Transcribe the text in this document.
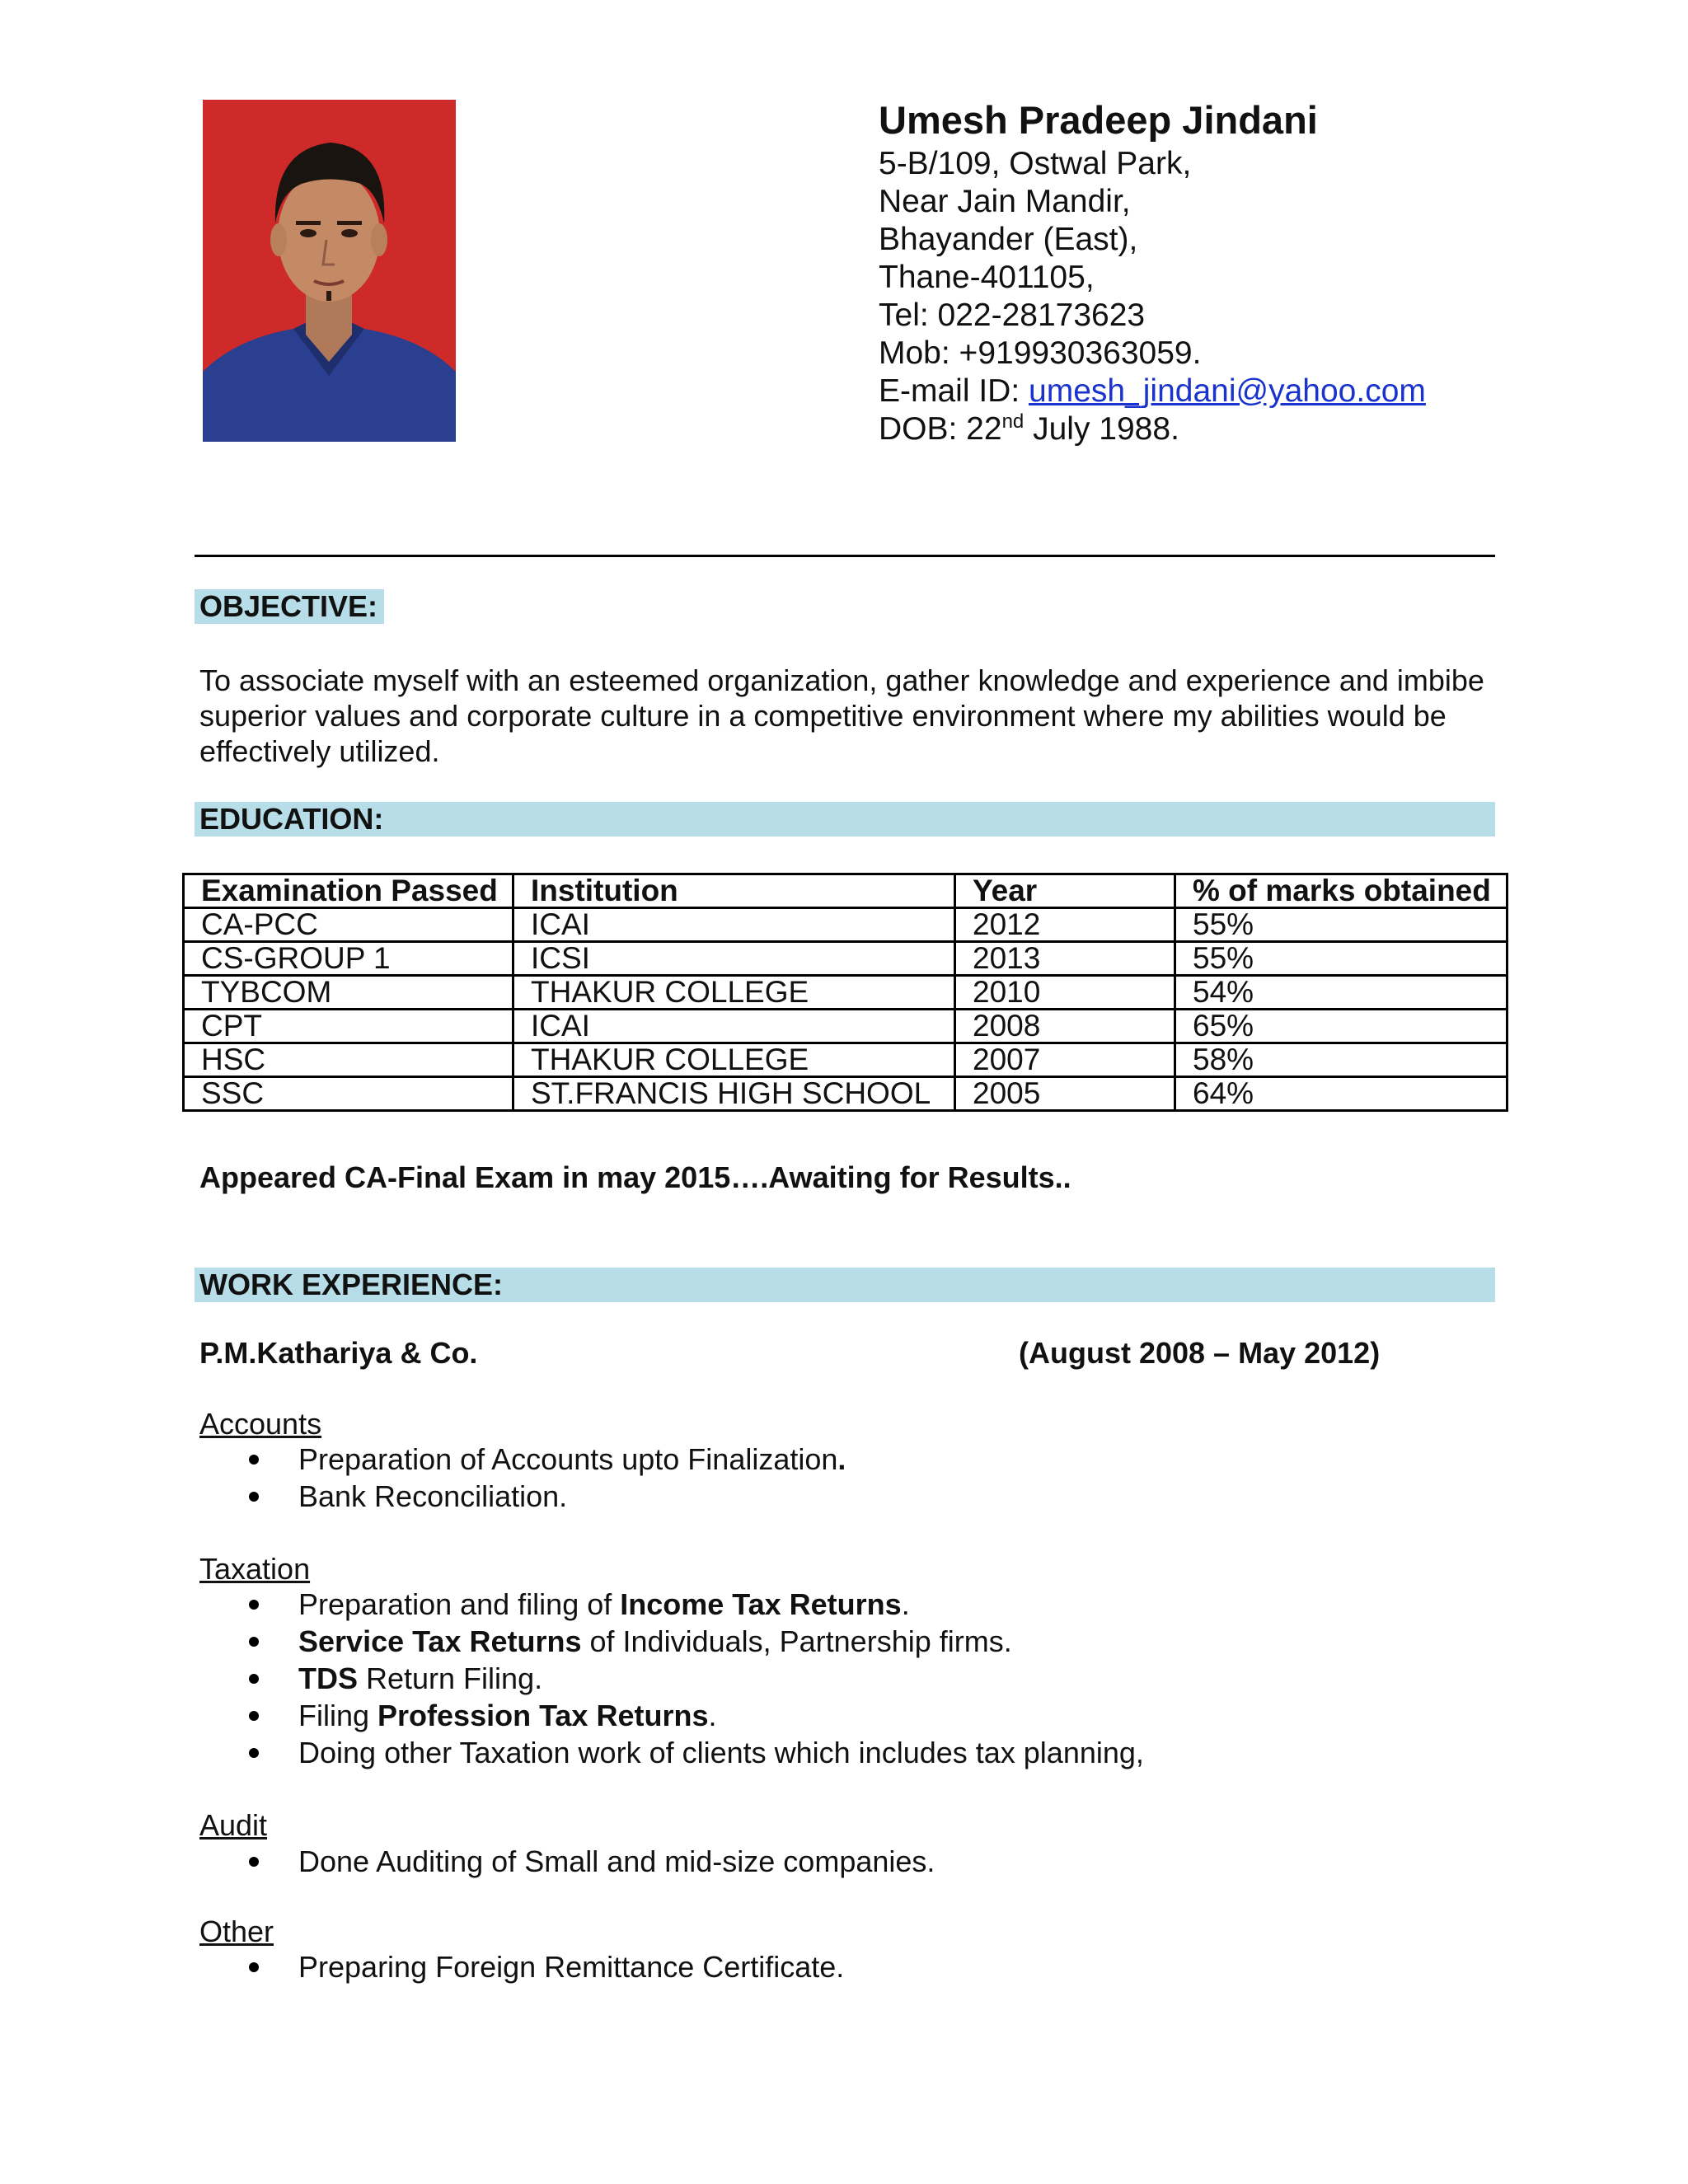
Umesh Pradeep Jindani
5-B/109, Ostwal Park,
Near Jain Mandir,
Bhayander (East),
Thane-401105,
Tel: 022-28173623
Mob: +919930363059.
E-mail ID: umesh_jindani@yahoo.com
DOB: 22nd July 1988.
OBJECTIVE:
To associate myself with an esteemed organization, gather knowledge and experience and imbibe superior values and corporate culture in a competitive environment where my abilities would be effectively utilized.
EDUCATION:
Examination Passed	Institution	Year	% of marks obtained
CA-PCC	ICAI	2012	55%
CS-GROUP 1	ICSI	2013	55%
TYBCOM	THAKUR COLLEGE	2010	54%
CPT	ICAI	2008	65%
HSC	THAKUR COLLEGE	2007	58%
SSC	ST.FRANCIS HIGH SCHOOL	2005	64%
Appeared CA-Final Exam in may 2015….Awaiting for Results..
WORK EXPERIENCE:
P.M.Kathariya & Co.	(August 2008 – May 2012)
Accounts
Preparation of Accounts upto Finalization.
Bank Reconciliation.
Taxation
Preparation and filing of Income Tax Returns.
Service Tax Returns of Individuals, Partnership firms.
TDS Return Filing.
Filing Profession Tax Returns.
Doing other Taxation work of clients which includes tax planning,
Audit
Done Auditing of Small and mid-size companies.
Other
Preparing Foreign Remittance Certificate.
